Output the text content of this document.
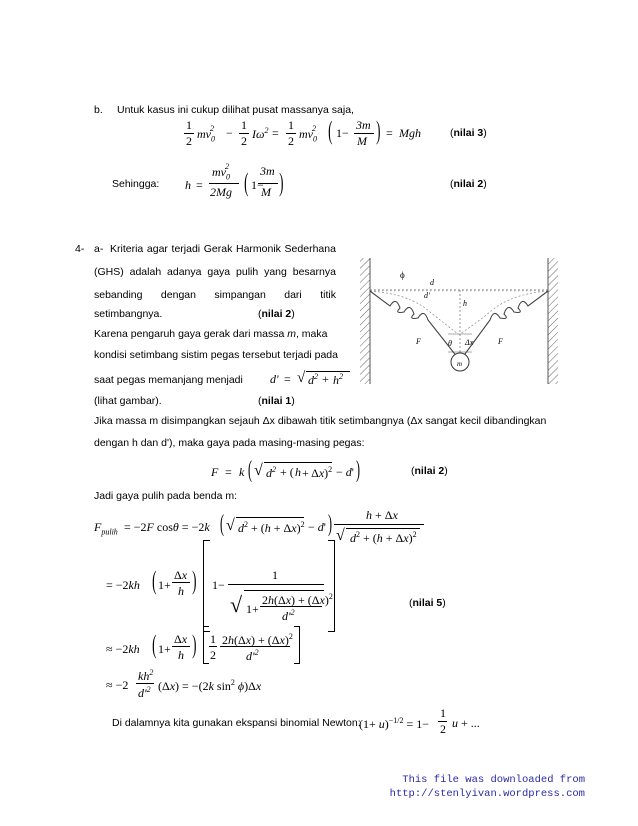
b. Untuk kasus ini cukup dilihat pusat massanya saja,
1
2 $mv_0^2$	−
1
2 $I\omega^2$ =
1
2 $mv_0^2$ ( 1−
3m
M ) = Mgh	(nilai 3)
Sehingga: h =
$mv_0^2$
2Mg ( 1−
3m
M )	(nilai 2)
4- a- Kriteria agar terjadi Gerak Harmonik Sederhana
(GHS) adalah adanya gaya pulih yang besarnya
sebanding dengan simpangan dari titik
setimbangnya.	(nilai 2)
Karena pengaruh gaya gerak dari massa m, maka
kondisi setimbang sistim pegas tersebut terjadi pada
saat pegas memanjang menjadi d' = √ $d^2 + h^2$
(lihat gambar).	(nilai 1)
m
ϕ
d
d'
h
θ Δx
F	F
Jika massa m disimpangkan sejauh Δx dibawah titik setimbangnya (Δx sangat kecil dibandingkan
dengan h dan d'), maka gaya pada masing-masing pegas:
F = k ( √ $d^2$ + ( h + Δx)$^2$ − d' )	(nilai 2)
Jadi gaya pulih pada benda m:
$F_{pulih} = -2F$ cosθ = −2k ( √ $d^2 + (h + \Delta x)^2 - d'$ )	h + Δx
√ $d^2 + (h + \Delta x)^2$
= −2kh ( 1+
Δx
h ) 1−
1
√ 1+
$2h(\Delta x) + (\Delta x)^2$
$d'^2$
(nilai 5)
≈ −2kh ( 1+
Δx
h ) 1
2
$2h(\Delta x) + (\Delta x)^2$
$d'^2$
≈ −2
$kh^2$
$d'^2$ (Δx) = −(2k $\sin^2 \phi)\Delta x$
Di dalamnya kita gunakan ekspansi binomial Newton:
$(1+ u)^{-1/2} = 1-$
1
2 u + ...
This file was downloaded from
http://stenlyivan.wordpress.com
